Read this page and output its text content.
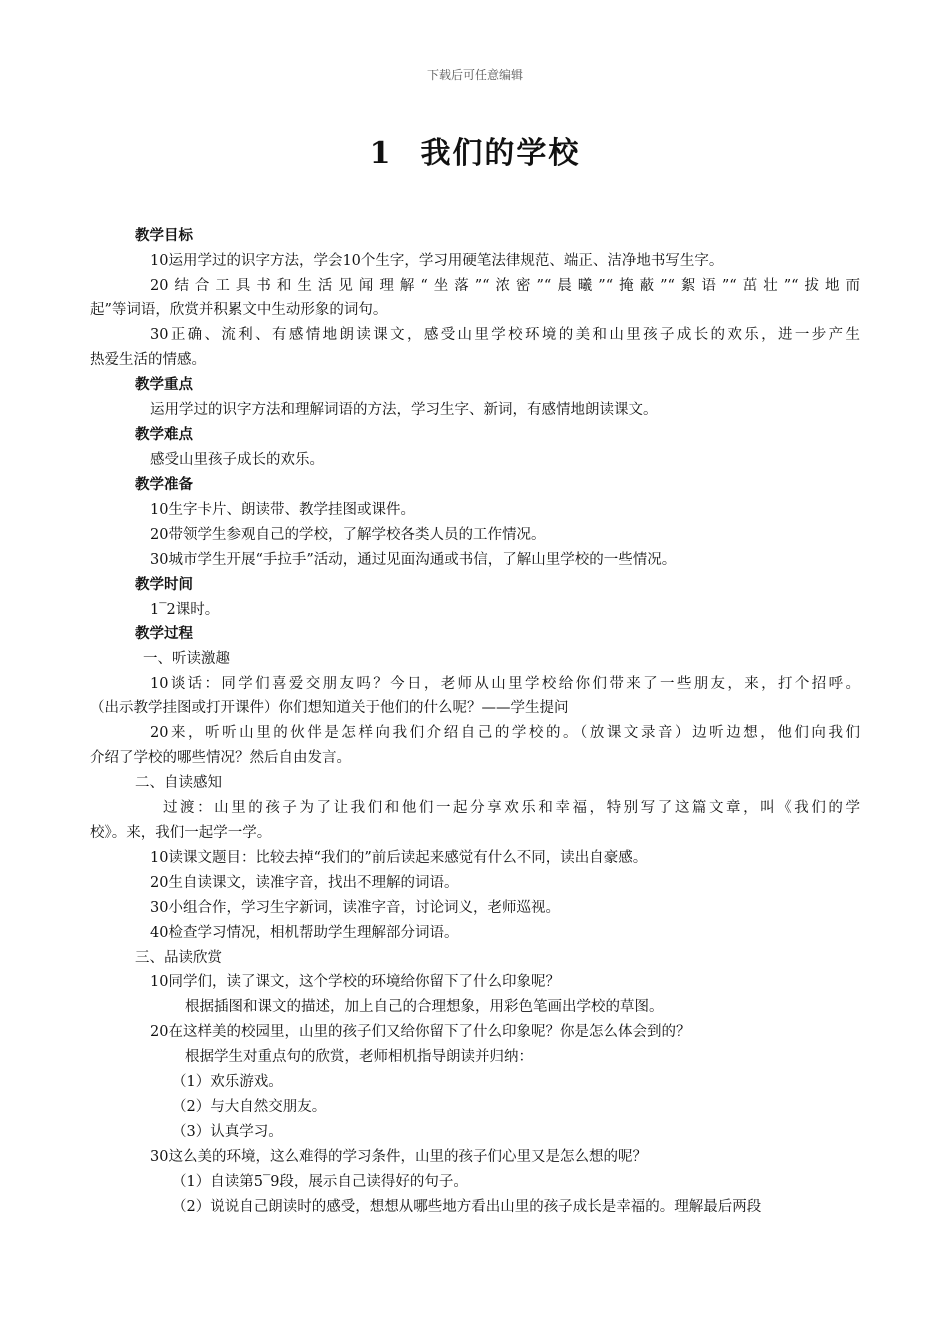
下载后可任意编辑
1 我们的学校
教学目标
10运用学过的识字方法，学会10个生字，学习用硬笔法律规范、端正、洁净地书写生字。
20结合工具书和生活见闻理解“坐落”“浓密”“晨曦”“掩蔽”“絮语”“茁壮”“拔地而
起”等词语，欣赏并积累文中生动形象的词句。
30正确、流利、有感情地朗读课文，感受山里学校环境的美和山里孩子成长的欢乐，进一步产生
热爱生活的情感。
教学重点
运用学过的识字方法和理解词语的方法，学习生字、新词，有感情地朗读课文。
教学难点
感受山里孩子成长的欢乐。
教学准备
10生字卡片、朗读带、教学挂图或课件。
20带领学生参观自己的学校，了解学校各类人员的工作情况。
30城市学生开展“手拉手”活动，通过见面沟通或书信，了解山里学校的一些情况。
教学时间
1‾2课时。
教学过程
一、听读激趣
10谈话：同学们喜爱交朋友吗？今日，老师从山里学校给你们带来了一些朋友，来，打个招呼。
（出示教学挂图或打开课件）你们想知道关于他们的什么呢？——学生提问
20来，听听山里的伙伴是怎样向我们介绍自己的学校的。（放课文录音）边听边想，他们向我们
介绍了学校的哪些情况？然后自由发言。
二、自读感知
过渡：山里的孩子为了让我们和他们一起分享欢乐和幸福，特别写了这篇文章，叫《我们的学
校》。来，我们一起学一学。
10读课文题目：比较去掉“我们的”前后读起来感觉有什么不同，读出自豪感。
20生自读课文，读准字音，找出不理解的词语。
30小组合作，学习生字新词，读准字音，讨论词义，老师巡视。
40检查学习情况，相机帮助学生理解部分词语。
三、品读欣赏
10同学们，读了课文，这个学校的环境给你留下了什么印象呢？
根据插图和课文的描述，加上自己的合理想象，用彩色笔画出学校的草图。
20在这样美的校园里，山里的孩子们又给你留下了什么印象呢？你是怎么体会到的？
根据学生对重点句的欣赏，老师相机指导朗读并归纳：
（1）欢乐游戏。
（2）与大自然交朋友。
（3）认真学习。
30这么美的环境，这么难得的学习条件，山里的孩子们心里又是怎么想的呢？
（1）自读第5‾9段，展示自己读得好的句子。
（2）说说自己朗读时的感受，想想从哪些地方看出山里的孩子成长是幸福的。理解最后两段
